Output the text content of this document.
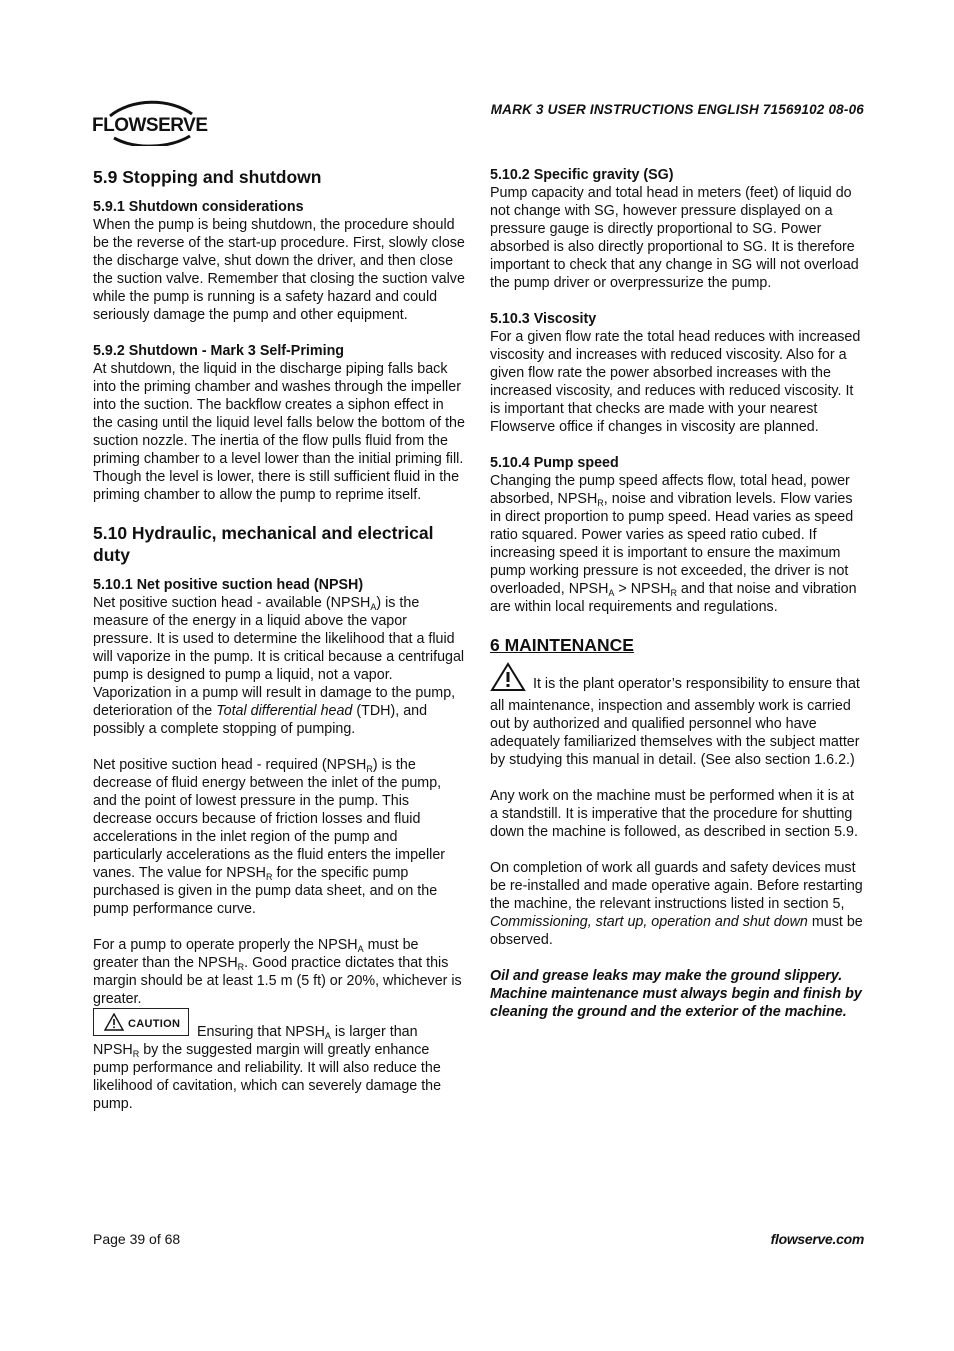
FLOWSERVE
MARK 3 USER INSTRUCTIONS ENGLISH 71569102 08-06
5.9 Stopping and shutdown
5.9.1 Shutdown considerations

When the pump is being shutdown, the procedure should be the reverse of the start-up procedure. First, slowly close the discharge valve, shut down the driver, and then close the suction valve. Remember that closing the suction valve while the pump is running is a safety hazard and could seriously damage the pump and other equipment.

5.9.2 Shutdown - Mark 3 Self-Priming

At shutdown, the liquid in the discharge piping falls back into the priming chamber and washes through the impeller into the suction. The backflow creates a siphon effect in the casing until the liquid level falls below the bottom of the suction nozzle. The inertia of the flow pulls fluid from the priming chamber to a level lower than the initial priming fill. Though the level is lower, there is still sufficient fluid in the priming chamber to allow the pump to reprime itself.

5.10 Hydraulic, mechanical and electrical duty
5.10.1 Net positive suction head (NPSH)

Net positive suction head - available $(NPSH_A)$ is the measure of the energy in a liquid above the vapor pressure. It is used to determine the likelihood that a fluid will vaporize in the pump. It is critical because a centrifugal pump is designed to pump a liquid, not a vapor. Vaporization in a pump will result in damage to the pump, deterioration of the Total differential head (TDH), and possibly a complete stopping of pumping.

Net positive suction head - required $(NPSH_R)$ is the decrease of fluid energy between the inlet of the pump, and the point of lowest pressure in the pump. This decrease occurs because of friction losses and fluid accelerations in the inlet region of the pump and particularly accelerations as the fluid enters the impeller vanes. The value for $NPSH_R$ for the specific pump purchased is given in the pump data sheet, and on the pump performance curve.

For a pump to operate properly the $NPSH_A$ must be greater than the $NPSH_R$. Good practice dictates that this margin should be at least 1.5 m (5 ft) or 20%, whichever is greater.

CAUTION Ensuring that $NPSH_A$ is larger than $NPSH_R$ by the suggested margin will greatly enhance pump performance and reliability. It will also reduce the likelihood of cavitation, which can severely damage the pump.

5.10.2 Specific gravity (SG)

Pump capacity and total head in meters (feet) of liquid do not change with SG, however pressure displayed on a pressure gauge is directly proportional to SG. Power absorbed is also directly proportional to SG. It is therefore important to check that any change in SG will not overload the pump driver or overpressurize the pump.

5.10.3 Viscosity

For a given flow rate the total head reduces with increased viscosity and increases with reduced viscosity. Also for a given flow rate the power absorbed increases with the increased viscosity, and reduces with reduced viscosity. It is important that checks are made with your nearest Flowserve office if changes in viscosity are planned.

5.10.4 Pump speed

Changing the pump speed affects flow, total head, power absorbed, $NPSH_R$, noise and vibration levels. Flow varies in direct proportion to pump speed. Head varies as speed ratio squared. Power varies as speed ratio cubed. If increasing speed it is important to ensure the maximum pump working pressure is not exceeded, the driver is not overloaded, $NPSH_A$ > $NPSH_R$ and that noise and vibration are within local requirements and regulations.

6 MAINTENANCE

It is the plant operator’s responsibility to ensure that all maintenance, inspection and assembly work is carried out by authorized and qualified personnel who have adequately familiarized themselves with the subject matter by studying this manual in detail. (See also section 1.6.2.)

Any work on the machine must be performed when it is at a standstill. It is imperative that the procedure for shutting down the machine is followed, as described in section 5.9.

On completion of work all guards and safety devices must be re-installed and made operative again. Before restarting the machine, the relevant instructions listed in section 5, Commissioning, start up, operation and shut down must be observed.

Oil and grease leaks may make the ground slippery. Machine maintenance must always begin and finish by cleaning the ground and the exterior of the machine.

Page 39 of 68	flowserve.com
